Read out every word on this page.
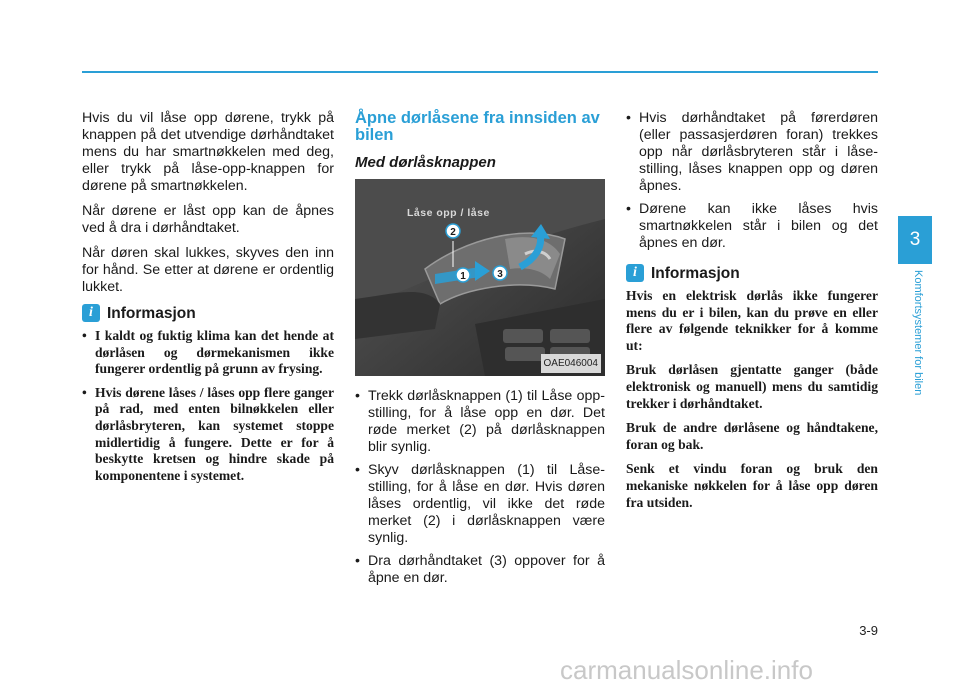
Hvis du vil låse opp dørene, trykk på knappen på det utvendige dørhåndtaket mens du har smartnøkkelen med deg, eller trykk på låse-opp-knappen for dørene på smartnøkkelen.

Når dørene er låst opp kan de åpnes ved å dra i dørhåndtaket.

Når døren skal lukkes, skyves den inn for hånd. Se etter at dørene er ordentlig lukket.

i Informasjon
• I kaldt og fuktig klima kan det hende at dørlåsen og dørmekanismen ikke fungerer ordentlig på grunn av frysing.
• Hvis dørene låses / låses opp flere ganger på rad, med enten bilnøkkelen eller dørlåsbryteren, kan systemet stoppe midlertidig å fungere. Dette er for å beskytte kretsen og hindre skade på komponentene i systemet.
Åpne dørlåsene fra innsiden av bilen
Med dørlåsknappen
2
1	3
Låse opp / låse
OAE046004
• Trekk dørlåsknappen (1) til Låse opp-stilling, for å låse opp en dør. Det røde merket (2) på dørlåsknappen blir synlig.
• Skyv dørlåsknappen (1) til Låse-stilling, for å låse en dør. Hvis døren låses ordentlig, vil ikke det røde merket (2) i dørlåsknappen være synlig.
• Dra dørhåndtaket (3) oppover for å åpne en dør.
• Hvis dørhåndtaket på førerdøren (eller passasjerdøren foran) trekkes opp når dørlåsbryteren står i låse-stilling, låses knappen opp og døren åpnes.
• Dørene kan ikke låses hvis smartnøkkelen står i bilen og det åpnes en dør.
i Informasjon

Hvis en elektrisk dørlås ikke fungerer mens du er i bilen, kan du prøve en eller flere av følgende teknikker for å komme ut:

Bruk dørlåsen gjentatte ganger (både elektronisk og manuell) mens du samtidig trekker i dørhåndtaket.

Bruk de andre dørlåsene og håndtakene, foran og bak.

Senk et vindu foran og bruk den mekaniske nøkkelen for å låse opp døren fra utsiden.

3
Komfortsystemer for bilen
3-9
carmanualsonline.info
